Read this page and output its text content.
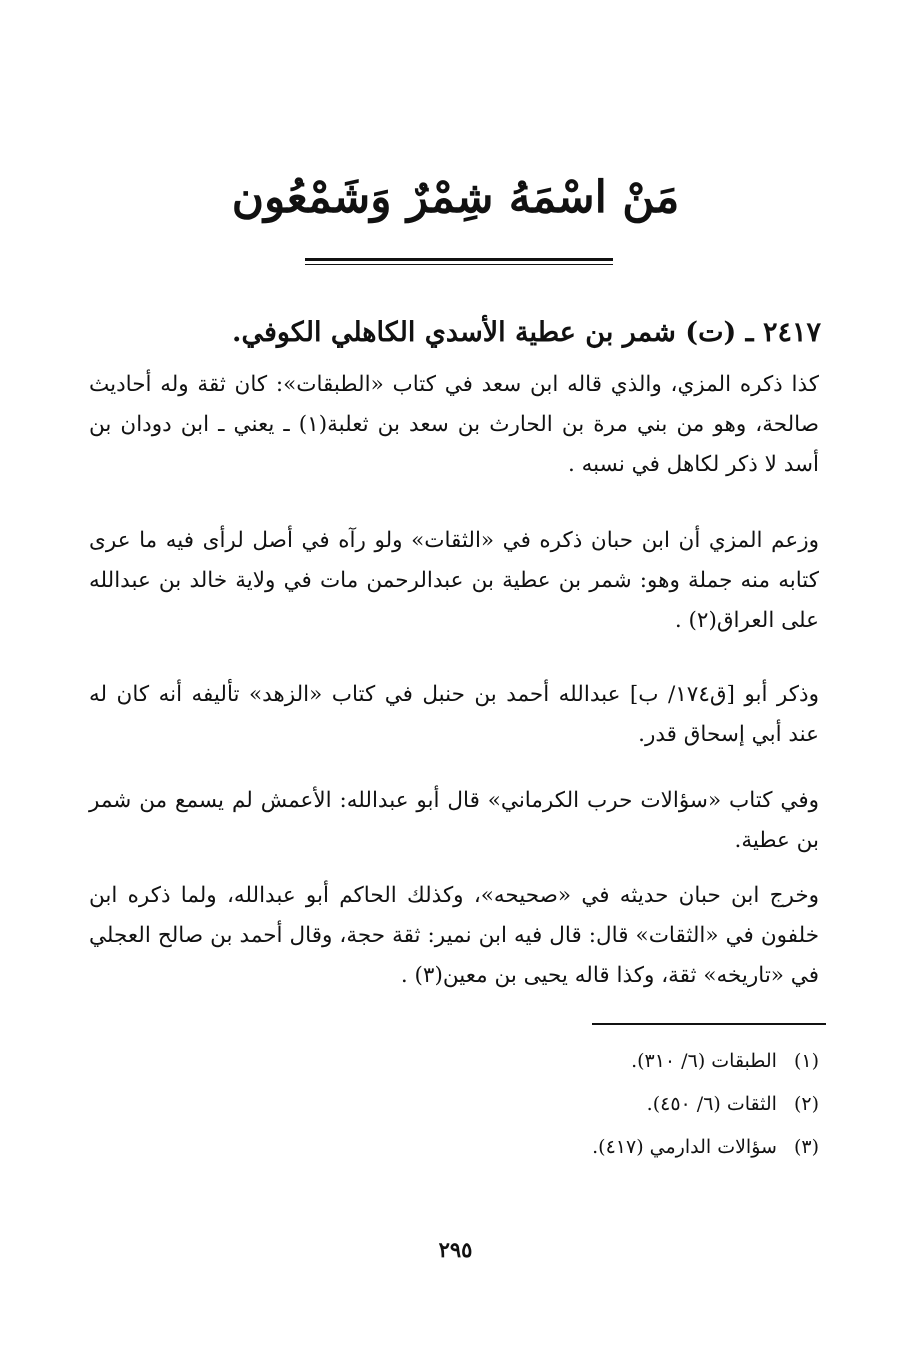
مَنْ اسْمَهُ شِمْرٌ وَشَمْعُون
٢٤١٧ ـ (ت) شمر بن عطية الأسدي الكاهلي الكوفي.
كذا ذكره المزي، والذي قاله ابن سعد في كتاب «الطبقات»: كان ثقة وله أحاديث صالحة، وهو من بني مرة بن الحارث بن سعد بن ثعلبة(١) ـ يعني ـ ابن دودان بن أسد لا ذكر لكاهل في نسبه .
وزعم المزي أن ابن حبان ذكره في «الثقات» ولو رآه في أصل لرأى فيه ما عرى كتابه منه جملة وهو: شمر بن عطية بن عبدالرحمن مات في ولاية خالد بن عبدالله على العراق(٢) .
وذكر أبو [ق١٧٤/ ب] عبدالله أحمد بن حنبل في كتاب «الزهد» تأليفه أنه كان له عند أبي إسحاق قدر.
وفي كتاب «سؤالات حرب الكرماني» قال أبو عبدالله: الأعمش لم يسمع من شمر بن عطية.
وخرج ابن حبان حديثه في «صحيحه»، وكذلك الحاكم أبو عبدالله، ولما ذكره ابن خلفون في «الثقات» قال: قال فيه ابن نمير: ثقة حجة، وقال أحمد بن صالح العجلي في «تاريخه» ثقة، وكذا قاله يحيى بن معين(٣) .
(١) الطبقات (٦/ ٣١٠).
(٢) الثقات (٦/ ٤٥٠).
(٣) سؤالات الدارمي (٤١٧).
٢٩٥
